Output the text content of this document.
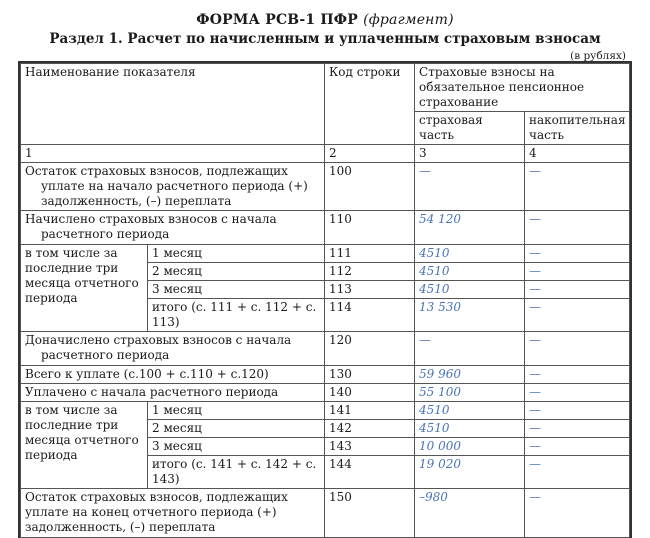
ФОРМА РСВ-1 ПФР (фрагмент)
Раздел 1. Расчет по начисленным и уплаченным страховым взносам
(в рублях)
Наименование показателя		Код строки	Страховые взносы на обязательное пенсионное страхование	
			страховая часть	накопительная часть
1		2	3	4
Остаток страховых взносов, подлежащих уплате на начало расчетного периода (+) задолженность, (–) переплата		100	—	—
Начислено страховых взносов с начала расчетного периода		110	54 120	—
в том числе за последние три месяца отчетного периода	1 месяц	111	4510	—
	2 месяц	112	4510	—
	3 месяц	113	4510	—
	итого (с. 111 + с. 112 + с. 113)	114	13 530	—
Доначислено страховых взносов с начала расчетного периода		120	—	—
Всего к уплате (с.100 + с.110 + с.120)		130	59 960	—
Уплачено с начала расчетного периода		140	55 100	—
в том числе за последние три месяца отчетного периода	1 месяц	141	4510	—
	2 месяц	142	4510	—
	3 месяц	143	10 000	—
	итого (с. 141 + с. 142 + с. 143)	144	19 020	—
Остаток страховых взносов, подлежащих уплате на конец отчетного периода (+) задолженность, (–) переплата		150	–980	—
